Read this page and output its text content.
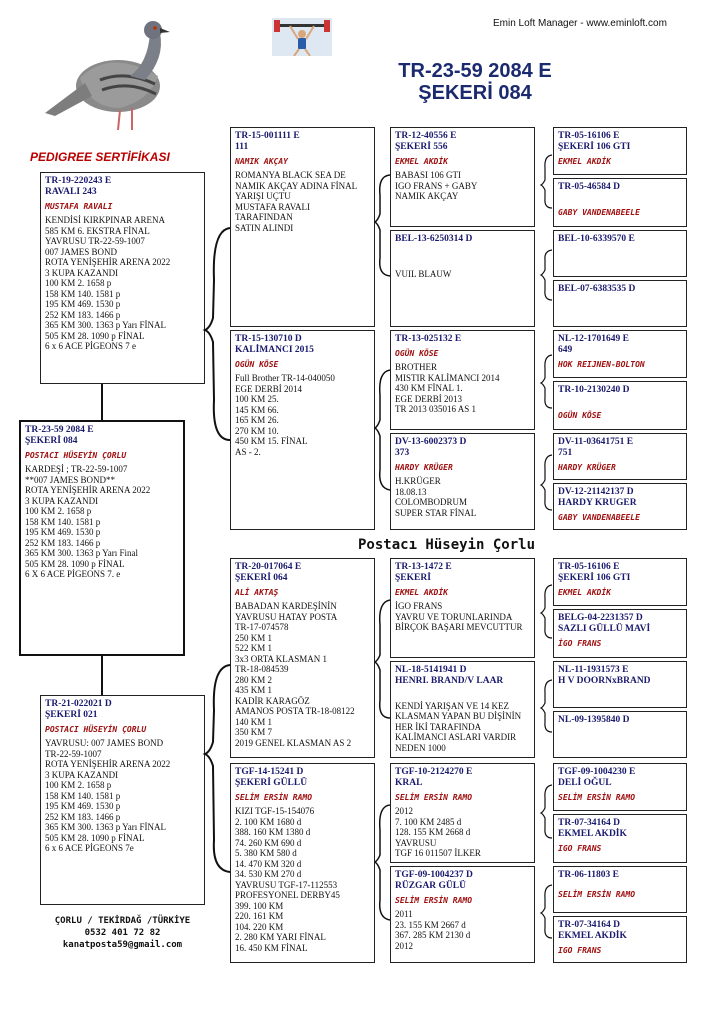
Emin Loft Manager - www.eminloft.com
TR-23-59 2084 E
ŞEKERİ 084
PEDIGREE SERTİFİKASI
TR-19-220243 E
RAVALI 243
MUSTAFA RAVALI
KENDİSİ KIRKPINAR ARENA
585 KM 6. EKSTRA FİNAL
YAVRUSU TR-22-59-1007
007 JAMES BOND
ROTA YENİŞEHİR ARENA 2022
3 KUPA KAZANDI
100 KM 2. 1658 p
158 KM 140. 1581 p
195 KM 469. 1530 p
252 KM 183. 1466 p
365 KM 300. 1363 p Yarı FİNAL
505 KM 28. 1090 p FİNAL
6 x 6 ACE PİGEONS 7 e
TR-23-59 2084 E
ŞEKERİ 084
POSTACI HÜSEYİN ÇORLU
KARDEŞİ ; TR-22-59-1007
**007 JAMES BOND**
ROTA YENİŞEHİR ARENA 2022
3 KUPA KAZANDI
100 KM 2. 1658 p
158 KM 140. 1581 p
195 KM 469. 1530 p
252 KM 183. 1466 p
365 KM 300. 1363 p Yarı Final
505 KM 28. 1090 p FİNAL
6 X 6 ACE PİGEONS 7. e
TR-21-022021 D
ŞEKERİ 021
POSTACI HÜSEYİN ÇORLU
YAVRUSU: 007 JAMES BOND
TR-22-59-1007
ROTA YENİŞEHİR ARENA 2022
3 KUPA KAZANDI
100 KM 2. 1658 p
158 KM 140. 1581 p
195 KM 469. 1530 p
252 KM 183. 1466 p
365 KM 300. 1363 p Yarı FİNAL
505 KM 28. 1090 p FİNAL
6 x 6 ACE PİGEONS 7e
TR-15-001111 E
111
NAMIK AKÇAY
ROMANYA BLACK SEA DE
NAMIK AKÇAY ADINA FİNAL
YARIŞI UÇTU
MUSTAFA RAVALI
TARAFINDAN
SATIN ALINDI
TR-15-130710 D
KALİMANCI 2015
OGÜN KÖSE
Full Brother TR-14-040050
EGE DERBİ 2014
100 KM 25.
145 KM 66.
165 KM 26.
270 KM 10.
450 KM 15. FİNAL
AS - 2.
TR-20-017064 E
ŞEKERİ 064
ALİ AKTAŞ
BABADAN KARDEŞİNİN
YAVRUSU HATAY POSTA
TR-17-074578
250 KM 1
522 KM 1
3x3 ORTA KLASMAN 1
TR-18-084539
280 KM 2
435 KM 1
KADİR KARAGÖZ
AMANOS POSTA TR-18-08122
140 KM 1
350 KM 7
2019 GENEL KLASMAN AS 2
TGF-14-15241 D
ŞEKERİ GÜLLÜ
SELİM ERSİN RAMO
KIZI TGF-15-154076
2. 100 KM 1680 d
388. 160 KM 1380 d
74. 260 KM 690 d
5. 380 KM 580 d
14. 470 KM 320 d
34. 530 KM 270 d
YAVRUSU TGF-17-112553
PROFESYONEL DERBY45
399. 100 KM
220. 161 KM
104. 220 KM
2. 280 KM YARI FİNAL
16. 450 KM FİNAL
Postacı Hüseyin Çorlu
TR-12-40556 E
ŞEKERİ 556
EKMEL AKDİK
BABASI 106 GTI
IGO FRANS + GABY
NAMIK AKÇAY
BEL-13-6250314 D

VUIL BLAUW
TR-13-025132 E
OGÜN KÖSE
BROTHER
MISTIR KALİMANCI 2014
430 KM FİNAL 1.
EGE DERBİ 2013
TR 2013 035016 AS 1
DV-13-6002373 D
373
HARDY KRÜGER
H.KRÜGER
18.08.13
COLOMBODRUM
SUPER STAR FİNAL

TR-13-1472 E
ŞEKERİ
EKMEL AKDİK
İGO FRANS
YAVRU VE TORUNLARINDA
BİRÇOK BAŞARI MEVCUTTUR
NL-18-5141941 D
HENRI. BRAND/V LAAR

KENDİ YARIŞAN VE 14 KEZ
KLASMAN YAPAN BU DİŞİNİN
HER İKİ TARAFINDA
KALİMANCI ASLARI VARDIR
NEDEN 1000
TGF-10-2124270 E
KRAL
SELİM ERSİN RAMO
2012
7. 100 KM 2485 d
128. 155 KM 2668 d
YAVRUSU
TGF 16 011507 İLKER
TGF-09-1004237 D
RÜZGAR GÜLÜ
SELİM ERSİN RAMO
2011
23. 155 KM 2667 d
367. 285 KM 2130 d
2012

TR-05-16106 E
ŞEKERİ 106 GTI
EKMEL AKDİK
TR-05-46584 D
GABY VANDENABEELE
BEL-10-6339570 E
BEL-07-6383535 D
NL-12-1701649 E
649
HOK REIJNEN-BOLTON
TR-10-2130240 D
OGÜN KÖSE
DV-11-03641751 E
751
HARDY KRÜGER
DV-12-21142137 D
HARDY KRUGER
GABY VANDENABEELE
TR-05-16106 E
ŞEKERİ 106 GTI
EKMEL AKDİK
BELG-04-2231357 D
SAZLI GÜLLÜ MAVİ
İGO FRANS
NL-11-1931573 E
H V DOORNxBRAND
NL-09-1395840 D
TGF-09-1004230 E
DELİ OĞUL
SELİM ERSİN RAMO
TR-07-34164 D
EKMEL AKDİK
IGO FRANS
TR-06-11803 E
SELİM ERSİN RAMO
TR-07-34164 D
EKMEL AKDİK
IGO FRANS
ÇORLU / TEKİRDAĞ /TÜRKİYE
0532 401 72 82
kanatposta59@gmail.com
